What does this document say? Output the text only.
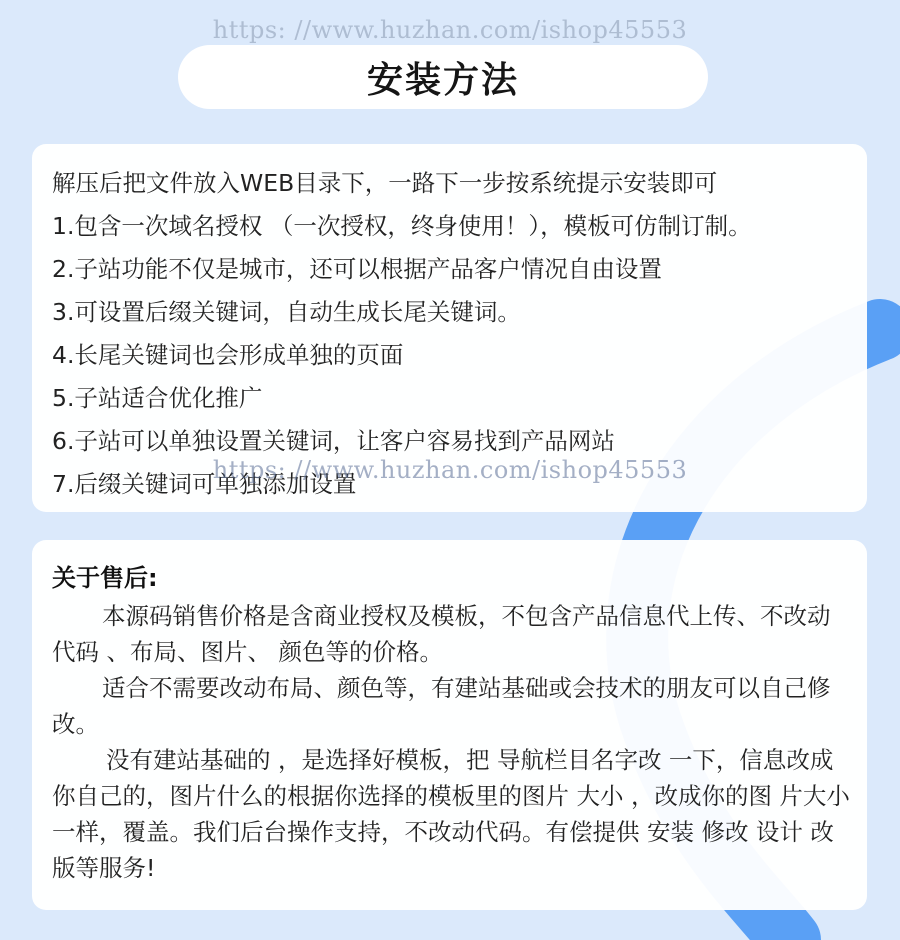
https: //www.huzhan.com/ishop45553
安装方法
解压后把文件放入WEB目录下，一路下一步按系统提示安装即可
1.包含一次域名授权 （一次授权，终身使用！），模板可仿制订制。
2.子站功能不仅是城市，还可以根据产品客户情况自由设置
3.可设置后缀关键词，自动生成长尾关键词。
4.长尾关键词也会形成单独的页面
5.子站适合优化推广
6.子站可以单独设置关键词，让客户容易找到产品网站
7.后缀关键词可单独添加设置
https: //www.huzhan.com/ishop45553
关于售后:

本源码销售价格是含商业授权及模板，不包含产品信息代上传、不改动代码 、布局、图片、 颜色等的价格。

适合不需要改动布局、颜色等，有建站基础或会技术的朋友可以自己修改。

没有建站基础的 ，是选择好模板，把 导航栏目名字改 一下，信息改成你自己的，图片什么的根据你选择的模板里的图片 大小 ，改成你的图 片大小一样，覆盖。我们后台操作支持，不改动代码。有偿提供 安装 修改 设计 改版等服务!
